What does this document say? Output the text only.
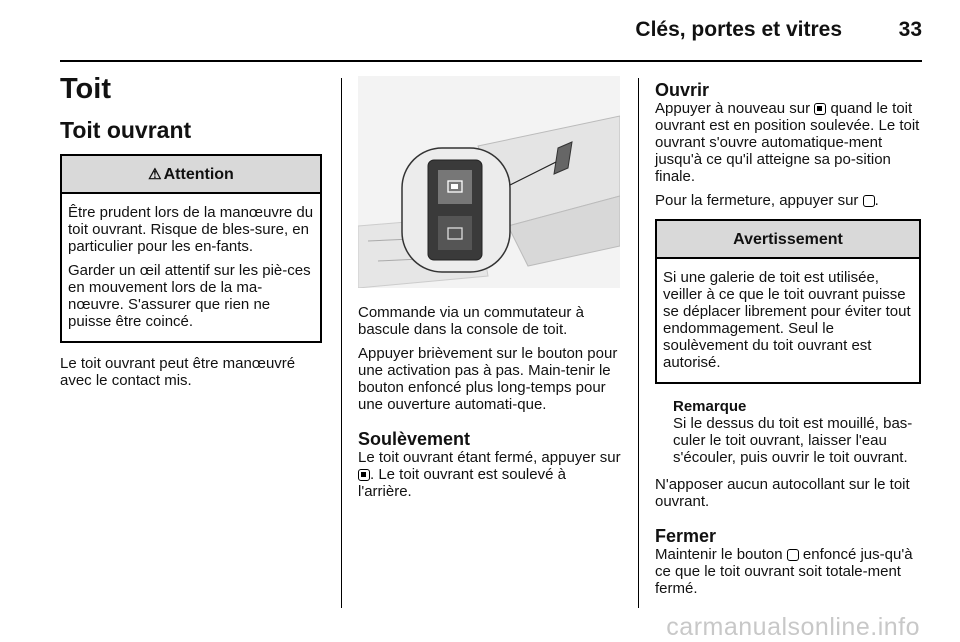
Clés, portes et vitres	33
Toit
Toit ouvrant
⚠ Attention

Être prudent lors de la manœuvre du toit ouvrant. Risque de bles-sure, en particulier pour les en-fants.

Garder un œil attentif sur les piè-ces en mouvement lors de la ma-nœuvre. S'assurer que rien ne puisse être coincé.

Le toit ouvrant peut être manœuvré avec le contact mis.

Commande via un commutateur à bascule dans la console de toit.

Appuyer brièvement sur le bouton pour une activation pas à pas. Main-tenir le bouton enfoncé plus long-temps pour une ouverture automati-que.

Soulèvement

Le toit ouvrant étant fermé, appuyer sur . Le toit ouvrant est soulevé à l'arrière.

Ouvrir

Appuyer à nouveau sur  quand le toit ouvrant est en position soulevée. Le toit ouvrant s'ouvre automatique-ment jusqu'à ce qu'il atteigne sa po-sition finale.

Pour la fermeture, appuyer sur .

Avertissement

Si une galerie de toit est utilisée, veiller à ce que le toit ouvrant puisse se déplacer librement pour éviter tout endommagement. Seul le soulèvement du toit ouvrant est autorisé.

Remarque
Si le dessus du toit est mouillé, bas-culer le toit ouvrant, laisser l'eau s'écouler, puis ouvrir le toit ouvrant.

N'apposer aucun autocollant sur le toit ouvrant.

Fermer

Maintenir le bouton  enfoncé jus-qu'à ce que le toit ouvrant soit totale-ment fermé.

carmanualsonline.info
